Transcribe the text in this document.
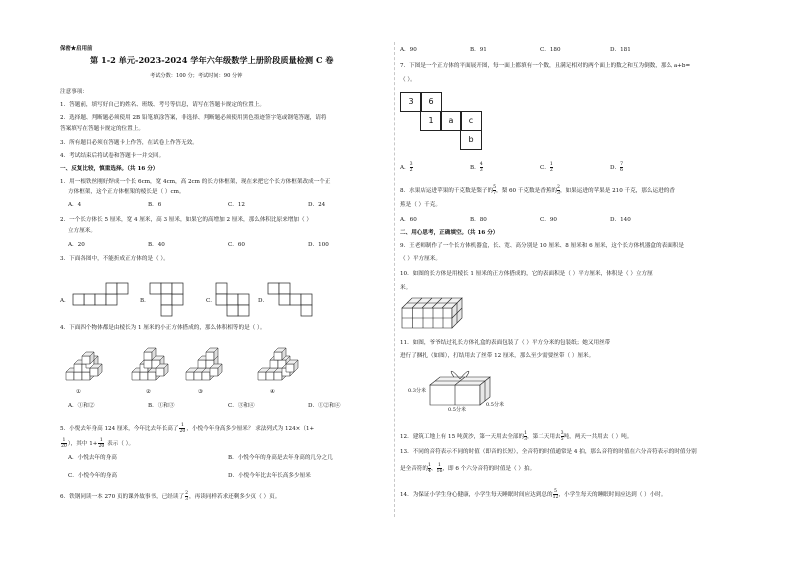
保密★启用前
第 1-2 单元-2023-2024 学年六年级数学上册阶段质量检测 C 卷
考试分数：100 分；考试时间：90 分钟
注意事项：
1．答题前，填写好自己的姓名、班级、考号等信息，请写在答题卡规定的位置上。
2．选择题、判断题必须使用 2B 铅笔填涂答案，非选择、判断题必须使用黑色墨迹签字笔或钢笔答题，请将
答案填写在答题卡规定的位置上。
3．所有题目必须在答题卡上作答，在试卷上作答无效。
4．考试结束后将试卷和答题卡一并交回。
一、反复比较，慎重选择。（共 16 分）
1．用一根铁丝刚好焊成一个长 6cm，宽 4cm，高 2cm 的长方体框架，现在来把它个长方体框架改成一个正
方体框架，这个正方体框架的棱长是（ ）cm。
A．4	B．6	C．12	D．24
2．一个长方体长 5 厘米，宽 4 厘米，高 3 厘米，如果它的高增加 2 厘米，那么体积比原来增加（ ）
立方厘米。
A．20	B．40	C．60	D．100
3．下面各图中，不能折成正方体的是（ ）。
A．	B．	C．	D．
4．下面四个物体都是由棱长为 1 厘米的小正方体搭成的，那么体积相等的是（ ）。
①	②	③	④
A．①和②	B．①和③	C．③和④	D．①②和④
5．小悦去年身高 124 厘米，今年比去年长高了 $\frac{1}{20}$ ，小悦今年身高多少厘米？ 求法列式为 124×（1+
$\frac{1}{20}$ ），其中 $1+ \frac{1}{20}$ 表示（ ）。
A．小悦去年的身高	B．小悦今年的身高是去年身高的几分之几
C．小悦今年的身高	D．小悦今年比去年长高多少厘米
6．铁钢同读一本 270 页的课外故事书，已经读了 $\frac{2}{3}$ ，再读同样若求还剩多少页（ ）页。
A．90	B．91	C．180	D．181
7．下图是一个正方体的平面展开图，每一面上都填有一个数，且满足相对的两个面上的数之和互为倒数，那么 a+b=
（ ）。
3	6
1	a	c
b
A． $\frac{3}{2}$	B． $\frac{4}{3}$	C． $\frac{1}{2}$	D． $\frac{7}{6}$
8．水果店运进苹果的千克数是梨子的 $\frac{5}{7}$ ，梨 60 千克数是香蕉的 $\frac{2}{3}$ ，如果运进的苹果是 210 千克，那么运进的香
蕉是（ ）千克。
A．60	B．80	C．90	D．140
二、用心思考，正确填空。（共 16 分）
9．王老师制作了一个长方体机器盒，长、宽、高分别是 10 厘米、8 厘米和 6 厘米，这个长方体机器盒的表面积是
（ ）平方厘米。
10．如图的长方体是用棱长 1 厘米的正方体搭成的，它的表面积是（ ）平方厘米，体积是（ ）立方厘
米。
11．如图，爷爷结过礼长方体礼盒的表面包装了（ ）平方分米的包装纸；她又用丝带
进行了捆扎（如图），打结用去了丝带 12 厘米，那么至少需要丝带（ ）厘米。
0.3分米
0.5分米
0.5分米
12．建筑工地上有 15 吨黄沙，第一天用去全部的 $\frac{1}{3}$ ，第二天用去 $\frac{3}{5}$ 吨，两天一共用去（ ）吨。
13．不同的音符表示不同的时值（即音的长短），全音符的时值通常是 4 拍，那么音符的时值在六分音符表示的时值分别
是全音符的 $\frac{1}{4}$ 、 $\frac{1}{16}$ ，即 6 个六分音符的时值是（ ）拍。
14．为保证小学生身心健康，小学生每天睡眠时间应达到总的 $\frac{5}{12}$ ，小学生每天的睡眠时间应达到（ ）小时。
